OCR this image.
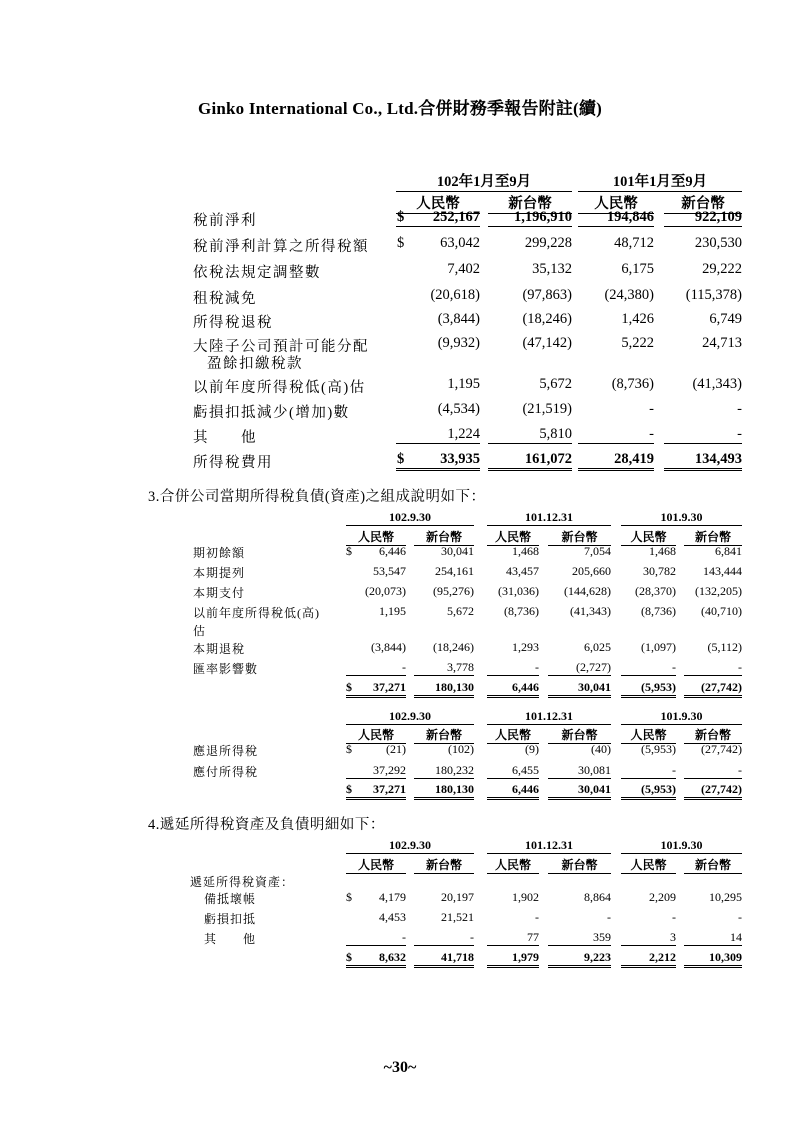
Ginko International Co., Ltd.合併財務季報告附註(續)
102年1月至9月	101年1月至9月
人民幣	新台幣	人民幣	新台幣
稅前淨利	$	252,167	1,196,910	194,846	922,109
稅前淨利計算之所得稅額 $	63,042	299,228	48,712	230,530
依稅法規定調整數	7,402	35,132	6,175	29,222
租稅減免	(20,618)	(97,863)	(24,380)	(115,378)
所得稅退稅	(3,844)	(18,246)	1,426	6,749
大陸子公司預計可能分配
盈餘扣繳稅款
(9,932)	(47,142)	5,222	24,713
以前年度所得稅低(高)估	1,195	5,672	(8,736)	(41,343)
虧損扣抵減少(增加)數	(4,534)	(21,519)	-	-
其　　他	1,224	5,810	-	-
所得稅費用	$	33,935	161,072	28,419	134,493
3.合併公司當期所得稅負債(資產)之組成說明如下：
102.9.30	101.12.31	101.9.30
人民幣	新台幣	人民幣	新台幣	人民幣	新台幣
期初餘額	$	6,446	30,041	1,468	7,054	1,468	6,841
本期提列	53,547	254,161	43,457	205,660	30,782	143,444
本期支付	(20,073)	(95,276)	(31,036)	(144,628)	(28,370)	(132,205)
以前年度所得稅低(高)
估
1,195	5,672	(8,736)	(41,343)	(8,736)	(40,710)
本期退稅	(3,844)	(18,246)	1,293	6,025	(1,097)	(5,112)
匯率影響數	-	3,778	-	(2,727)	-	-
$	37,271	180,130	6,446	30,041	(5,953)	(27,742)
102.9.30	101.12.31	101.9.30
人民幣	新台幣	人民幣	新台幣	人民幣	新台幣
應退所得稅	$	(21)	(102)	(9)	(40)	(5,953)	(27,742)
應付所得稅	37,292	180,232	6,455	30,081	-	-
$	37,271	180,130	6,446	30,041	(5,953)	(27,742)
4.遞延所得稅資產及負債明細如下：
102.9.30	101.12.31	101.9.30
人民幣	新台幣	人民幣	新台幣	人民幣	新台幣
遞延所得稅資產：
備抵壞帳	$	4,179	20,197	1,902	8,864	2,209	10,295
虧損扣抵	4,453	21,521	-	-	-	-
其　　他	-	-	77	359	3	14
$	8,632	41,718	1,979	9,223	2,212	10,309
~30~
